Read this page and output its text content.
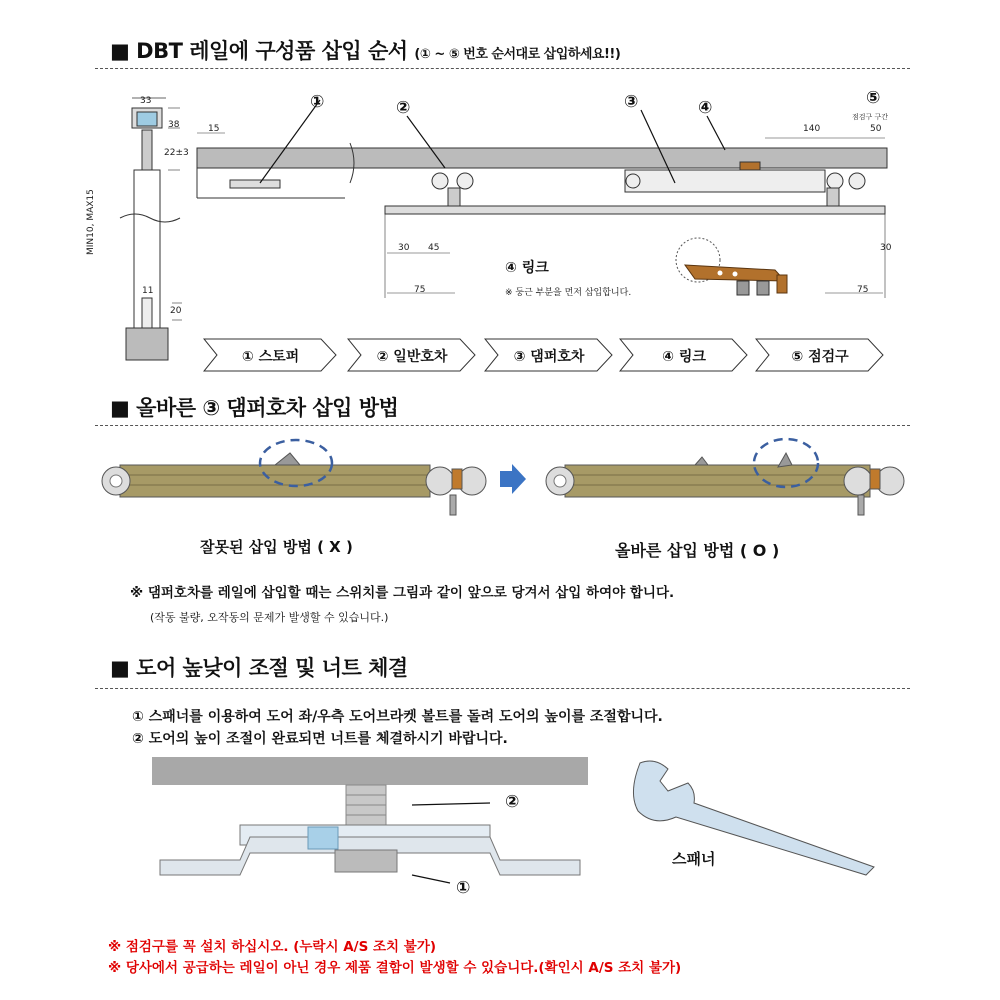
■ DBT 레일에 구성품 삽입 순서 (① ~ ⑤ 번호 순서대로 삽입하세요!!)
33
38
22±3
MIN10, MAX15
11
20
①	②	③	④	⑤
점검구 구간
15	140	50
30 45
75	75
30
④ 링크
※ 둥근 부분을 먼저 삽입합니다.
① 스토퍼	② 일반호차	③ 댐퍼호차	④ 링크	⑤ 점검구
■ 올바른 ③ 댐퍼호차 삽입 방법
잘못된 삽입 방법 ( X )	올바른 삽입 방법 ( O )
※ 댐퍼호차를 레일에 삽입할 때는 스위치를 그림과 같이 앞으로 당겨서 삽입 하여야 합니다.
(작동 불량, 오작동의 문제가 발생할 수 있습니다.)
■ 도어 높낮이 조절 및 너트 체결
① 스패너를 이용하여 도어 좌/우측 도어브라켓 볼트를 돌려 도어의 높이를 조절합니다.
② 도어의 높이 조절이 완료되면 너트를 체결하시기 바랍니다.
②
①
스패너
※ 점검구를 꼭 설치 하십시오. (누락시 A/S 조치 불가)
※ 당사에서 공급하는 레일이 아닌 경우 제품 결함이 발생할 수 있습니다.(확인시 A/S 조치 불가)
